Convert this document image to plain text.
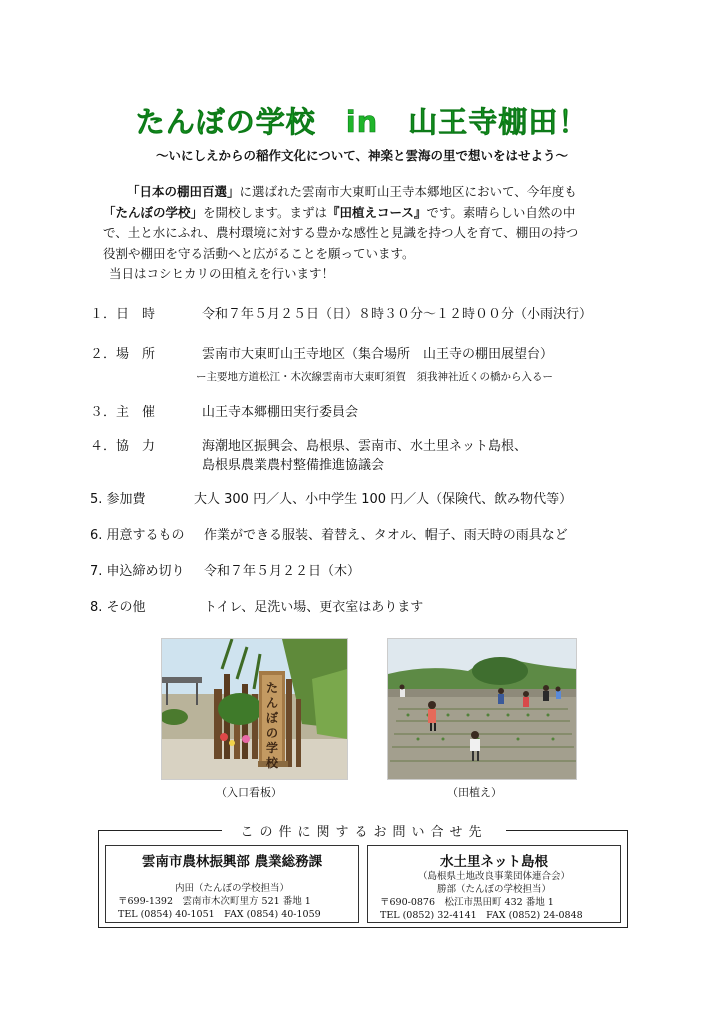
たんぼの学校　in　山王寺棚田！
～いにしえからの稲作文化について、神楽と雲海の里で想いをはせよう～

「日本の棚田百選」に選ばれた雲南市大東町山王寺本郷地区において、今年度も

「たんぼの学校」を開校します。まずは『田植えコース』です。素晴らしい自然の中

で、土と水にふれ、農村環境に対する豊かな感性と見識を持つ人を育て、棚田の持つ

役割や棚田を守る活動へと広がることを願っています。

当日はコシヒカリの田植えを行います！

１．日　時	令和７年５月２５日（日）８時３０分～１２時００分（小雨決行）
２．場　所	雲南市大東町山王寺地区（集合場所　山王寺の棚田展望台）
ー主要地方道松江・木次線雲南市大東町須賀　須我神社近くの橋から入るー
３．主　催	山王寺本郷棚田実行委員会
４．協　力	海潮地区振興会、島根県、雲南市、水土里ネット島根、
島根県農業農村整備推進協議会
5. 参加費	大人 300 円／人、小中学生 100 円／人（保険代、飲み物代等）
6. 用意するもの 作業ができる服装、着替え、タオル、帽子、雨天時の雨具など
7. 申込締め切り 令和７年５月２２日（木）
8. その他	トイレ、足洗い場、更衣室はあります
たんぼの学校
（入口看板）	（田植え）
この件に関するお問い合せ先
雲南市農林振興部 農業総務課
内田（たんぼの学校担当）
〒699-1392　雲南市木次町里方 521 番地 1
TEL (0854) 40-1051　FAX (0854) 40-1059
水土里ネット島根
（島根県土地改良事業団体連合会）
勝部（たんぼの学校担当）
〒690-0876　松江市黒田町 432 番地 1
TEL (0852) 32-4141　FAX (0852) 24-0848
